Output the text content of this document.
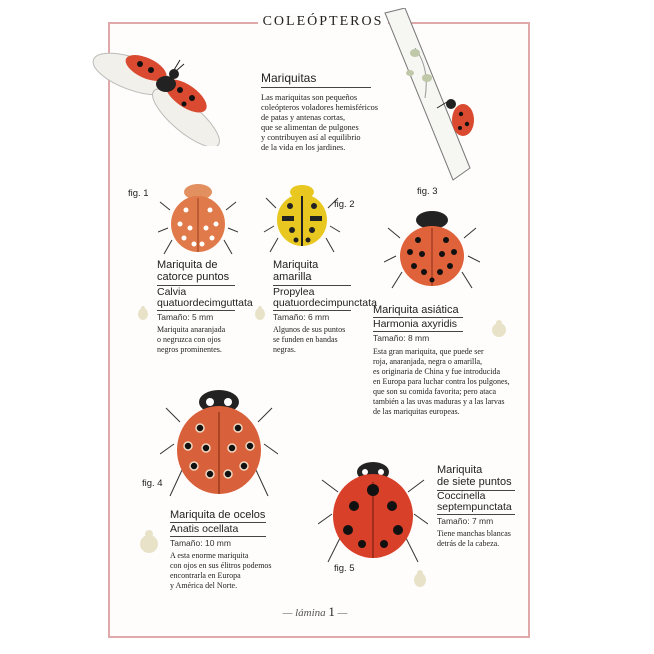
COLEÓPTEROS
Mariquitas
Las mariquitas son pequeños
coleópteros voladores hemisféricos
de patas y antenas cortas,
que se alimentan de pulgones
y contribuyen así al equilibrio
de la vida en los jardines.
fig. 1
Mariquita de
catorce puntos
Calvia
quatuordecimguttata
Tamaño: 5 mm
Mariquita anaranjada
o negruzca con ojos
negros prominentes.
fig. 2
Mariquita
amarilla
Propylea
quatuordecimpunctata
Tamaño: 6 mm
Algunos de sus puntos
se funden en bandas
negras.
fig. 3
Mariquita asiática
Harmonia axyridis
Tamaño: 8 mm
Esta gran mariquita, que puede ser
roja, anaranjada, negra o amarilla,
es originaria de China y fue introducida
en Europa para luchar contra los pulgones,
que son su comida favorita; pero ataca
también a las uvas maduras y a las larvas
de las mariquitas europeas.
fig. 4
Mariquita de ocelos
Anatis ocellata
Tamaño: 10 mm
A esta enorme mariquita
con ojos en sus élitros podemos
encontrarla en Europa
y América del Norte.
fig. 5
Mariquita
de siete puntos
Coccinella
septempunctata
Tamaño: 7 mm
Tiene manchas blancas
detrás de la cabeza.
— lámina 1 —
